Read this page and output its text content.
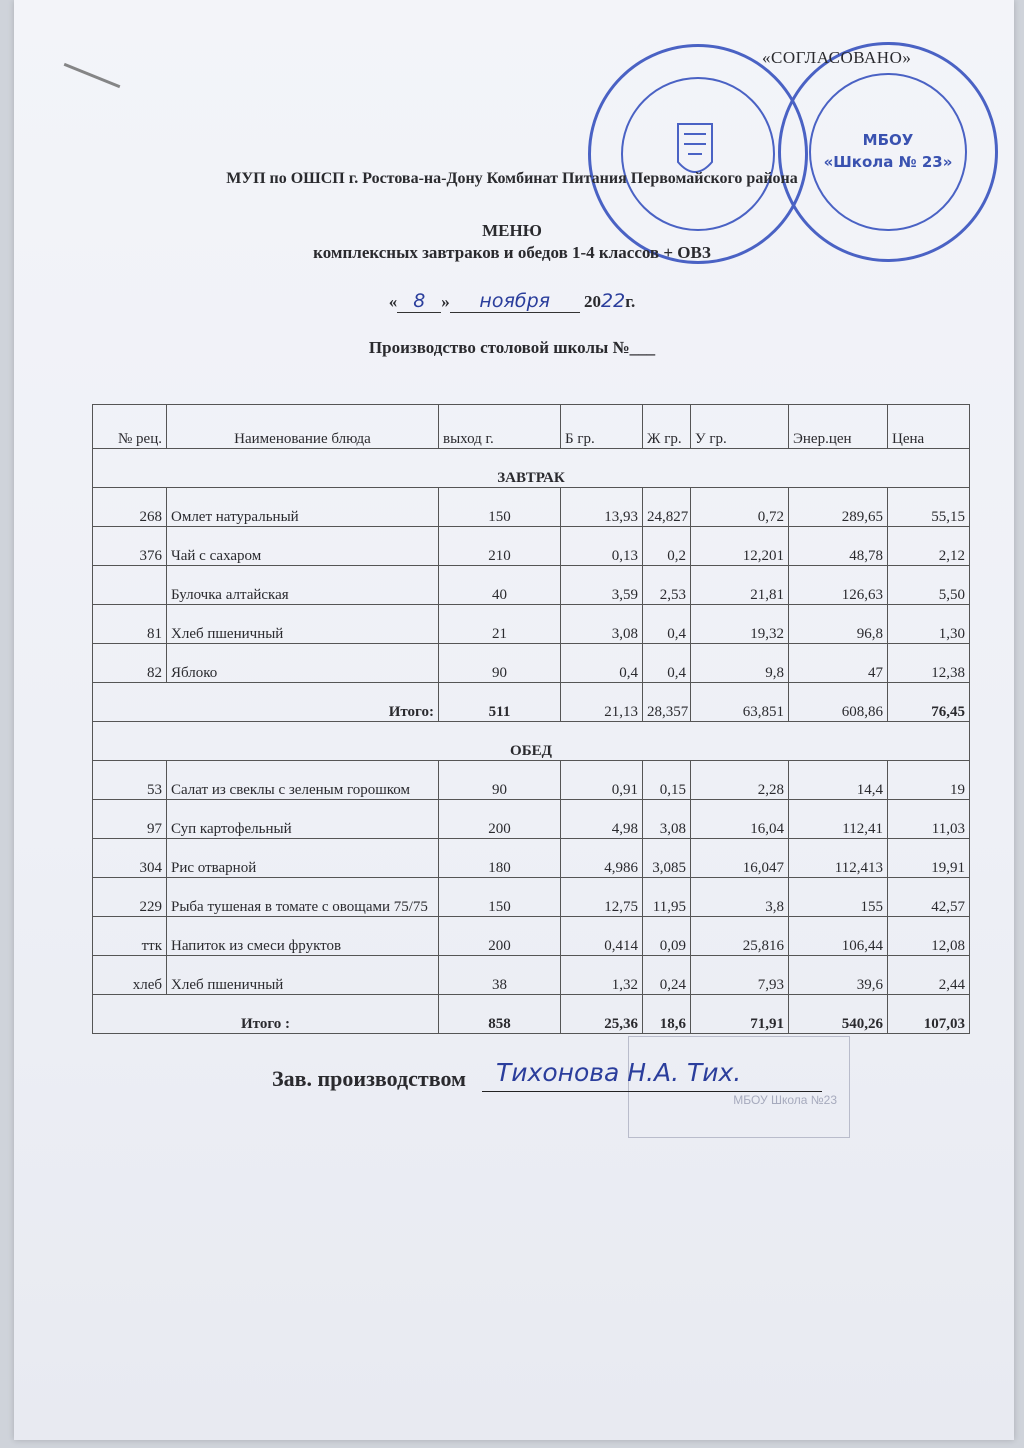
МБОУ
«Школа № 23»
«СОГЛАСОВАНО»
МУП по ОШСП г. Ростова-на-Дону Комбинат Питания Первомайского района
МЕНЮ
комплексных завтраков и обедов 1-4 классов + ОВЗ
« 8 » ноября 2022г.
Производство столовой школы №___
№ рец.	Наименование блюда	выход г.	Б гр.	Ж гр.	У гр.	Энер.цен	Цена
ЗАВТРАК							
268	Омлет натуральный	150	13,93	24,827	0,72	289,65	55,15
376	Чай с сахаром	210	0,13	0,2	12,201	48,78	2,12
	Булочка алтайская	40	3,59	2,53	21,81	126,63	5,50
81	Хлеб пшеничный	21	3,08	0,4	19,32	96,8	1,30
82	Яблоко	90	0,4	0,4	9,8	47	12,38
Итого:		511	21,13	28,357	63,851	608,86	76,45
ОБЕД							
53	Салат из свеклы с зеленым горошком	90	0,91	0,15	2,28	14,4	19
97	Суп картофельный	200	4,98	3,08	16,04	112,41	11,03
304	Рис отварной	180	4,986	3,085	16,047	112,413	19,91
229	Рыба тушеная в томате с овощами 75/75	150	12,75	11,95	3,8	155	42,57
ттк	Напиток из смеси фруктов	200	0,414	0,09	25,816	106,44	12,08
хлеб	Хлеб пшеничный	38	1,32	0,24	7,93	39,6	2,44
Итого :		858	25,36	18,6	71,91	540,26	107,03
МБОУ Школа №23
Зав. производством Тихонова Н.А. Тих.
